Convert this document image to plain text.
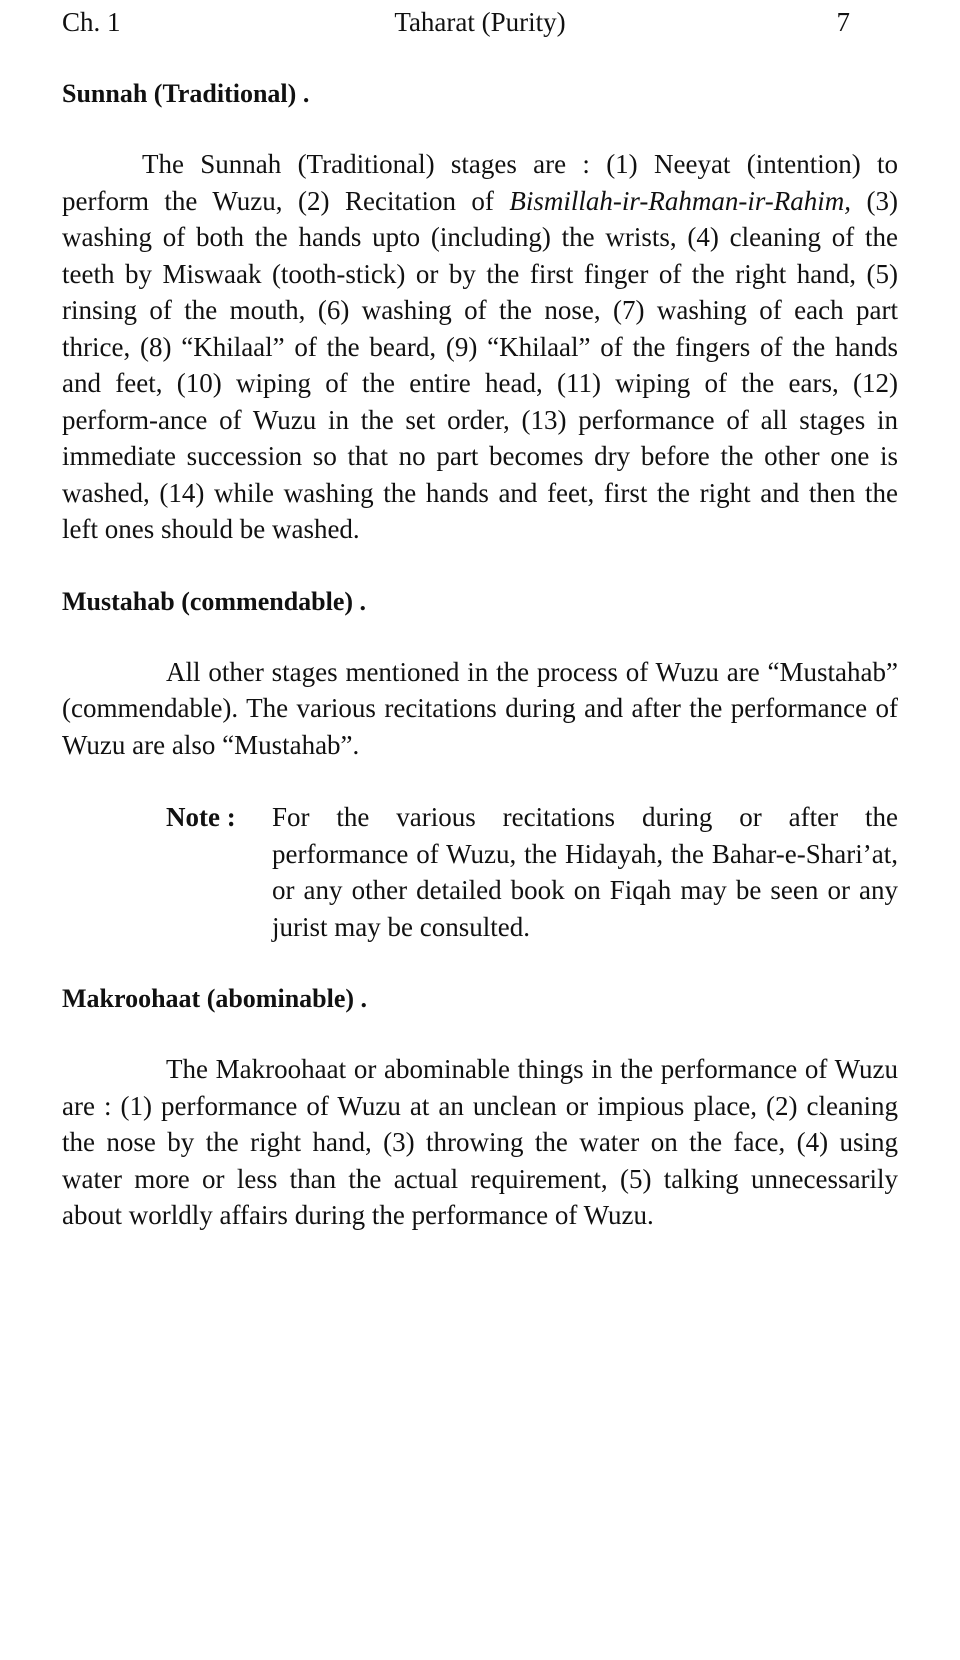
Ch. 1	Taharat (Purity)	7
Sunnah (Traditional) .

The Sunnah (Traditional) stages are : (1) Neeyat (intention) to perform the Wuzu, (2) Recitation of Bismillah-ir-Rahman-ir-Rahim, (3) washing of both the hands upto (including) the wrists, (4) cleaning of the teeth by Miswaak (tooth-stick) or by the first finger of the right hand, (5) rinsing of the mouth, (6) washing of the nose, (7) washing of each part thrice, (8) “Khilaal” of the beard, (9) “Khilaal” of the fingers of the hands and feet, (10) wiping of the entire head, (11) wiping of the ears, (12) perform-ance of Wuzu in the set order, (13) performance of all stages in immediate succession so that no part becomes dry before the other one is washed, (14) while washing the hands and feet, first the right and then the left ones should be washed.

Mustahab (commendable) .

All other stages mentioned in the process of Wuzu are “Mustahab” (commendable). The various recitations during and after the performance of Wuzu are also “Mustahab”.

Note : For the various recitations during or after the performance of Wuzu, the Hidayah, the Bahar-e-Shari’at, or any other detailed book on Fiqah may be seen or any jurist may be consulted.
Makroohaat (abominable) .

The Makroohaat or abominable things in the performance of Wuzu are : (1) performance of Wuzu at an unclean or impious place, (2) cleaning the nose by the right hand, (3) throwing the water on the face, (4) using water more or less than the actual requirement, (5) talking unnecessarily about worldly affairs during the performance of Wuzu.
